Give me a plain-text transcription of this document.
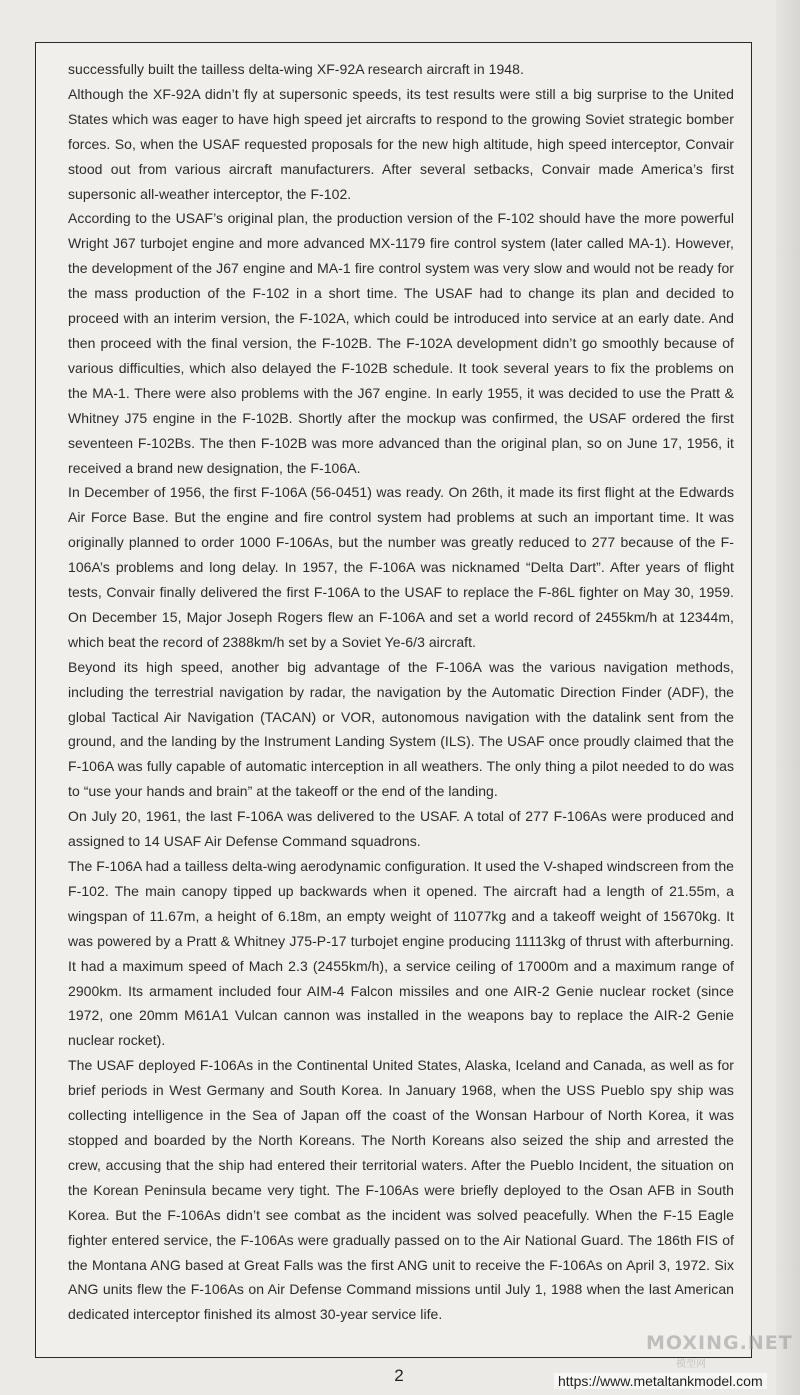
successfully built the tailless delta-wing XF-92A research aircraft in 1948.

Although the XF-92A didn’t fly at supersonic speeds, its test results were still a big surprise to the United States which was eager to have high speed jet aircrafts to respond to the growing Soviet strategic bomber forces. So, when the USAF requested proposals for the new high altitude, high speed interceptor, Convair stood out from various aircraft manufacturers. After several setbacks, Convair made America’s first supersonic all-weather interceptor, the F-102.

According to the USAF’s original plan, the production version of the F-102 should have the more powerful Wright J67 turbojet engine and more advanced MX-1179 fire control system (later called MA-1). However, the development of the J67 engine and MA-1 fire control system was very slow and would not be ready for the mass production of the F-102 in a short time. The USAF had to change its plan and decided to proceed with an interim version, the F-102A, which could be introduced into service at an early date. And then proceed with the final version, the F-102B. The F-102A development didn’t go smoothly because of various difficulties, which also delayed the F-102B schedule. It took several years to fix the problems on the MA-1. There were also problems with the J67 engine. In early 1955, it was decided to use the Pratt & Whitney J75 engine in the F-102B. Shortly after the mockup was confirmed, the USAF ordered the first seventeen F-102Bs. The then F-102B was more advanced than the original plan, so on June 17, 1956, it received a brand new designation, the F-106A.

In December of 1956, the first F-106A (56-0451) was ready. On 26th, it made its first flight at the Edwards Air Force Base. But the engine and fire control system had problems at such an important time. It was originally planned to order 1000 F-106As, but the number was greatly reduced to 277 because of the F-106A’s problems and long delay. In 1957, the F-106A was nicknamed “Delta Dart”. After years of flight tests, Convair finally delivered the first F-106A to the USAF to replace the F-86L fighter on May 30, 1959. On December 15, Major Joseph Rogers flew an F-106A and set a world record of 2455km/h at 12344m, which beat the record of 2388km/h set by a Soviet Ye-6/3 aircraft.

Beyond its high speed, another big advantage of the F-106A was the various navigation methods, including the terrestrial navigation by radar, the navigation by the Automatic Direction Finder (ADF), the global Tactical Air Navigation (TACAN) or VOR, autonomous navigation with the datalink sent from the ground, and the landing by the Instrument Landing System (ILS). The USAF once proudly claimed that the F-106A was fully capable of automatic interception in all weathers. The only thing a pilot needed to do was to “use your hands and brain” at the takeoff or the end of the landing.

On July 20, 1961, the last F-106A was delivered to the USAF. A total of 277 F-106As were produced and assigned to 14 USAF Air Defense Command squadrons.

The F-106A had a tailless delta-wing aerodynamic configuration. It used the V-shaped windscreen from the F-102. The main canopy tipped up backwards when it opened. The aircraft had a length of 21.55m, a wingspan of 11.67m, a height of 6.18m, an empty weight of 11077kg and a takeoff weight of 15670kg. It was powered by a Pratt & Whitney J75-P-17 turbojet engine producing 11113kg of thrust with afterburning. It had a maximum speed of Mach 2.3 (2455km/h), a service ceiling of 17000m and a maximum range of 2900km. Its armament included four AIM-4 Falcon missiles and one AIR-2 Genie nuclear rocket (since 1972, one 20mm M61A1 Vulcan cannon was installed in the weapons bay to replace the AIR-2 Genie nuclear rocket).

The USAF deployed F-106As in the Continental United States, Alaska, Iceland and Canada, as well as for brief periods in West Germany and South Korea. In January 1968, when the USS Pueblo spy ship was collecting intelligence in the Sea of Japan off the coast of the Wonsan Harbour of North Korea, it was stopped and boarded by the North Koreans. The North Koreans also seized the ship and arrested the crew, accusing that the ship had entered their territorial waters. After the Pueblo Incident, the situation on the Korean Peninsula became very tight. The F-106As were briefly deployed to the Osan AFB in South Korea. But the F-106As didn’t see combat as the incident was solved peacefully. When the F-15 Eagle fighter entered service, the F-106As were gradually passed on to the Air National Guard. The 186th FIS of the Montana ANG based at Great Falls was the first ANG unit to receive the F-106As on April 3, 1972. Six ANG units flew the F-106As on Air Defense Command missions until July 1, 1988 when the last American dedicated interceptor finished its almost 30-year service life.

2
MOXING.NET
模型网
https://www.metaltankmodel.com
